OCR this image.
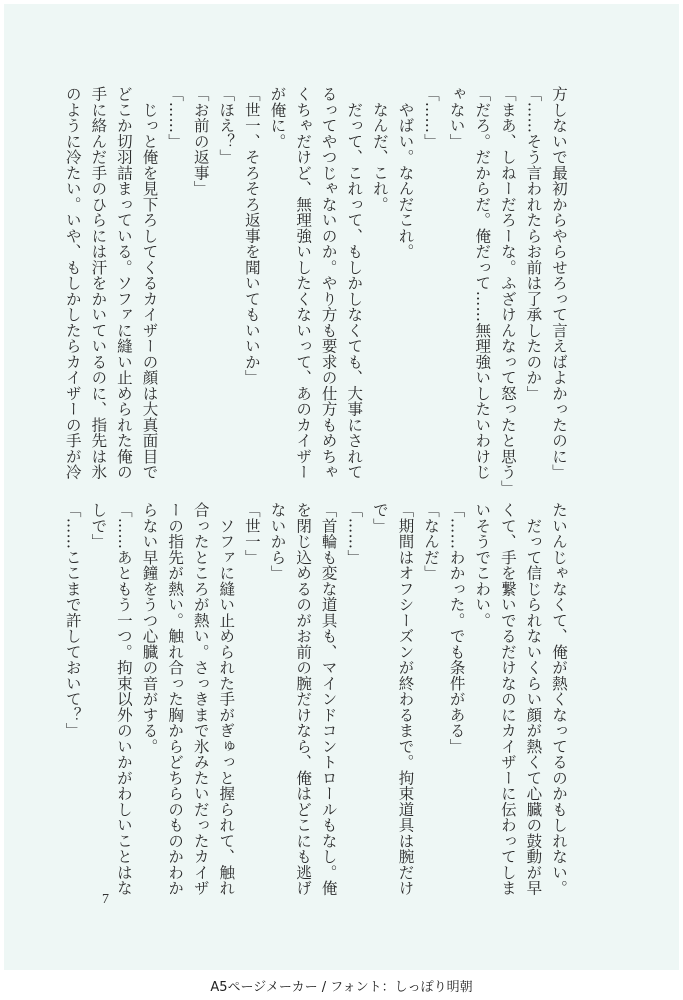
方しないで最初からやらせろって言えばよかったのに」
「……そう言われたらお前は了承したのか」
「まあ、しねーだろーな。ふざけんなって怒ったと思う」
「だろ。だからだ。俺だって……無理強いしたいわけじ
ゃない」
「……」
　やばい。なんだこれ。
　なんだ、これ。
　だって、これって、もしかしなくても、大事にされて
るってやつじゃないのか。やり方も要求の仕方もめちゃ
くちゃだけど、無理強いしたくないって、あのカイザー
が俺に。
「世一、そろそろ返事を聞いてもいいか」
「ほえ？」
「お前の返事」
「……」
　じっと俺を見下ろしてくるカイザーの顔は大真面目で
どこか切羽詰まっている。ソファに縫い止められた俺の
手に絡んだ手のひらには汗をかいているのに、指先は氷
のように冷たい。いや、もしかしたらカイザーの手が冷
たいんじゃなくて、俺が熱くなってるのかもしれない。
　だって信じられないくらい顔が熱くて心臓の鼓動が早
くて、手を繋いでるだけなのにカイザーに伝わってしま
いそうでこわい。
「……わかった。でも条件がある」
「なんだ」
「期間はオフシーズンが終わるまで。拘束道具は腕だけ
で」
「……」
「首輪も変な道具も、マインドコントロールもなし。俺
を閉じ込めるのがお前の腕だけなら、俺はどこにも逃げ
ないから」
「世一」
　ソファに縫い止められた手がぎゅっと握られて、触れ
合ったところが熱い。さっきまで氷みたいだったカイザ
ーの指先が熱い。触れ合った胸からどちらのものかわか
らない早鐘をうつ心臓の音がする。
「……あともう一つ。拘束以外のいかがわしいことはな
しで」
「……ここまで許しておいて？」
7
A5ページメーカー / フォント：しっぽり明朝
